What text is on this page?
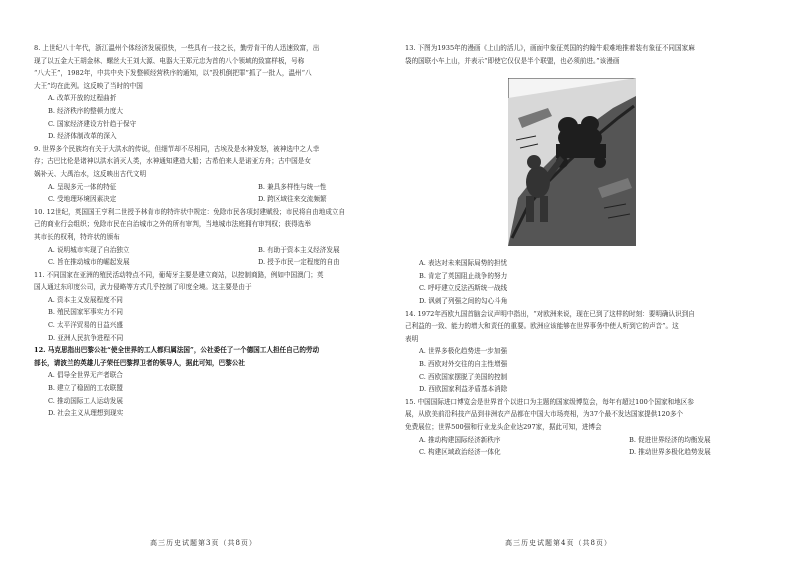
8. 上世纪八十年代，浙江温州个体经济发展很快，一些具有一技之长，勤劳肯干的人迅速致富，出

现了以五金大王胡金林、螺丝大王刘大源、电器大王郑元忠为首的八个领域的致富样板，号称

“八大王”，1982年，中共中央下发整顿经营秩序的通知，以“投机倒把罪”抓了一批人，温州“八

大王”均在此列。这反映了当时的中国

A. 改革开放的过程曲折

B. 经济秩序的整顿力度大

C. 国家经济建设方针趋于保守

D. 经济体制改革的深入

9. 世界多个民族均有关于大洪水的传说，但细节却不尽相同，古埃及是水神发怒，被神选中之人幸

存；古巴比伦是诸神以洪水消灭人类，水神通知建造大船；古希伯来人是诺亚方舟；古中国是女

娲补天、大禹治水，这反映出古代文明

A. 呈现多元一体的特征	B. 兼具多样性与统一性
C. 受地理环境因素决定	D. 跨区域往来交流频繁

10. 12世纪，英国国王亨利二世授予林肯市的特许状中规定：免除市民各项封建赋役；市民将自由地成立自

己的商业行会组织；免除市民在自治城市之外的所有审判，当地城市法庭拥有审判权；获得选举

其市长的权利，特许状的颁布

A. 说明城市实现了自治独立	B. 有助于资本主义经济发展
C. 旨在推动城市的崛起发展	D. 授予市民一定程度的自由

11. 不同国家在亚洲的殖民活动特点不同，葡萄牙主要是建立商站，以控制商路，例如中国澳门；英

国人通过东印度公司，武力侵略等方式几乎控制了印度全境。这主要是由于

A. 资本主义发展程度不同

B. 殖民国家军事实力不同

C. 太平洋贸易的日益兴盛

D. 亚洲人民抗争进程不同

12. 马克思指出巴黎公社“使全世界的工人都归属法国”，公社委任了一个德国工人担任自己的劳动

部长，请波兰的英雄儿子荣任巴黎捍卫者的领导人，据此可知，巴黎公社

A. 倡导全世界无产者联合

B. 建立了稳固的工农联盟

C. 推动国际工人运动发展

D. 社会主义从理想到现实

高三历史试题第3页（共8页）

13. 下图为1935年的漫画《上山的活儿》，画面中象征英国的约翰牛艰难地推着装有象征不同国家麻

袋的国联小车上山，并表示“即使它仅仅是半个联盟，也必须前进。”该漫画

A. 表达对未来国际局势的担忧

B. 肯定了英国阻止战争的努力

C. 呼吁建立反法西斯统一战线

D. 讽刺了列强之间的勾心斗角

14. 1972年西欧九国首脑会议声明中指出，“对欧洲来说，现在已到了这样的时刻：要明确认识到自

己利益的一致、能力的增大和责任的重要。欧洲应该能够在世界事务中使人听到它的声音”。这

表明

A. 世界多极化趋势进一步加强

B. 西欧对外交往的自主性增强

C. 西欧国家摆脱了美国的控制

D. 西欧国家利益矛盾基本消除

15. 中国国际进口博览会是世界首个以进口为主题的国家级博览会，每年有超过100个国家和地区参

展，从欧美前沿科技产品到非洲农产品都在中国大市场亮相，为37个最不发达国家提供120多个

免费展位；世界500强和行业龙头企业达297家，据此可知，进博会

A. 推动构建国际经济新秩序	B. 促进世界经济的均衡发展
C. 构建区域政治经济一体化	D. 推动世界多极化趋势发展
高三历史试题第4页（共8页）
